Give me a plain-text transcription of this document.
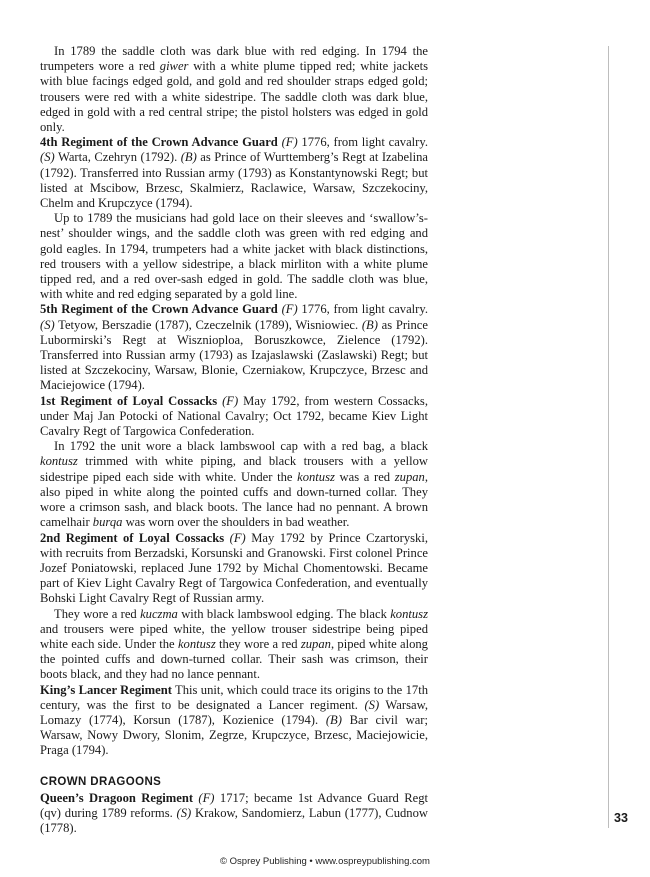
In 1789 the saddle cloth was dark blue with red edging. In 1794 the trumpeters wore a red giwer with a white plume tipped red; white jackets with blue facings edged gold, and gold and red shoulder straps edged gold; trousers were red with a white sidestripe. The saddle cloth was dark blue, edged in gold with a red central stripe; the pistol holsters was edged in gold only.

4th Regiment of the Crown Advance Guard (F) 1776, from light cavalry. (S) Warta, Czehryn (1792). (B) as Prince of Wurttemberg’s Regt at Izabelina (1792). Transferred into Russian army (1793) as Konstantynowski Regt; but listed at Mscibow, Brzesc, Skalmierz, Raclawice, Warsaw, Szczekociny, Chelm and Krupczyce (1794).

Up to 1789 the musicians had gold lace on their sleeves and ‘swallow’s-nest’ shoulder wings, and the saddle cloth was green with red edging and gold eagles. In 1794, trumpeters had a white jacket with black distinctions, red trousers with a yellow sidestripe, a black mirliton with a white plume tipped red, and a red over-sash edged in gold. The saddle cloth was blue, with white and red edging separated by a gold line.

5th Regiment of the Crown Advance Guard (F) 1776, from light cavalry. (S) Tetyow, Berszadie (1787), Czeczelnik (1789), Wisniowiec. (B) as Prince Lubormirski’s Regt at Wisznioploa, Boruszkowce, Zielence (1792). Transferred into Russian army (1793) as Izajaslawski (Zaslawski) Regt; but listed at Szczekociny, Warsaw, Blonie, Czerniakow, Krupczyce, Brzesc and Maciejowice (1794).

1st Regiment of Loyal Cossacks (F) May 1792, from western Cossacks, under Maj Jan Potocki of National Cavalry; Oct 1792, became Kiev Light Cavalry Regt of Targowica Confederation.

In 1792 the unit wore a black lambswool cap with a red bag, a black kontusz trimmed with white piping, and black trousers with a yellow sidestripe piped each side with white. Under the kontusz was a red zupan, also piped in white along the pointed cuffs and down-turned collar. They wore a crimson sash, and black boots. The lance had no pennant. A brown camelhair burqa was worn over the shoulders in bad weather.

2nd Regiment of Loyal Cossacks (F) May 1792 by Prince Czartoryski, with recruits from Berzadski, Korsunski and Granowski. First colonel Prince Jozef Poniatowski, replaced June 1792 by Michal Chomentowski. Became part of Kiev Light Cavalry Regt of Targowica Confederation, and eventually Bohski Light Cavalry Regt of Russian army.

They wore a red kuczma with black lambswool edging. The black kontusz and trousers were piped white, the yellow trouser sidestripe being piped white each side. Under the kontusz they wore a red zupan, piped white along the pointed cuffs and down-turned collar. Their sash was crimson, their boots black, and they had no lance pennant.

King’s Lancer Regiment This unit, which could trace its origins to the 17th century, was the first to be designated a Lancer regiment. (S) Warsaw, Lomazy (1774), Korsun (1787), Kozienice (1794). (B) Bar civil war; Warsaw, Nowy Dwory, Slonim, Zegrze, Krupczyce, Brzesc, Maciejowicie, Praga (1794).

CROWN DRAGOONS

Queen’s Dragoon Regiment (F) 1717; became 1st Advance Guard Regt (qv) during 1789 reforms. (S) Krakow, Sandomierz, Labun (1777), Cudnow (1778).

33
© Osprey Publishing • www.ospreypublishing.com
